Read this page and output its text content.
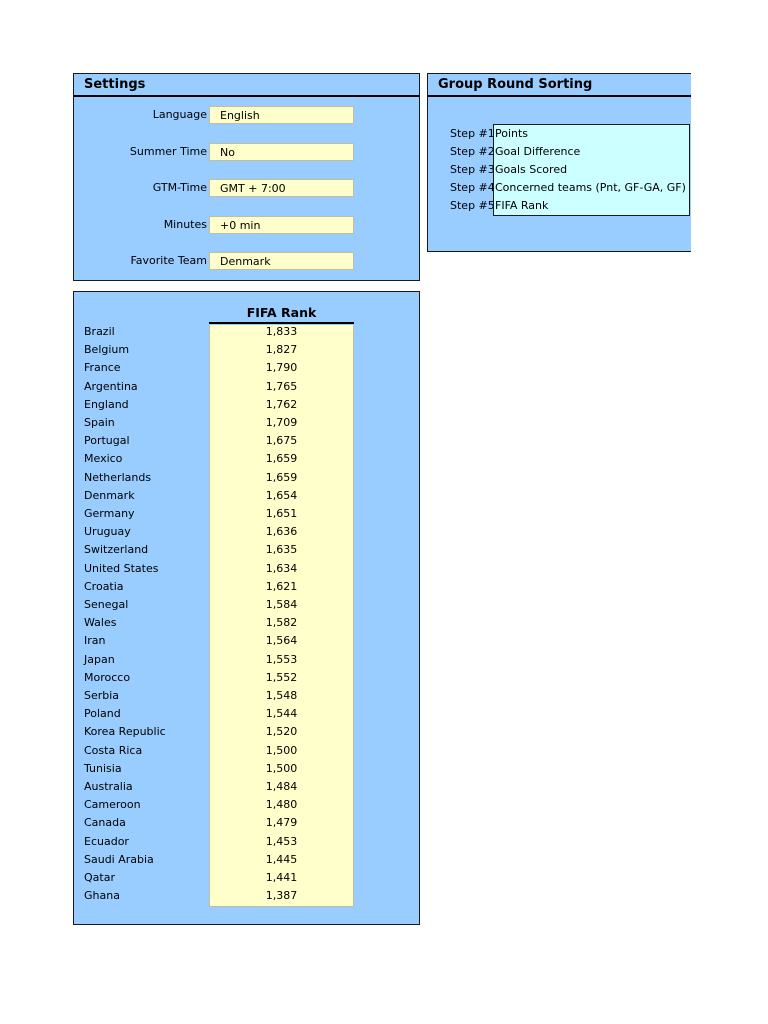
Settings
Language	English
Summer Time	No
GTM-Time	GMT + 7:00
Minutes	+0 min
Favorite Team	Denmark
Group Round Sorting
Step #1 Points
Step #2 Goal Difference
Step #3 Goals Scored
Step #4 Concerned teams (Pnt, GF-GA, GF)
Step #5 FIFA Rank
FIFA Rank
Brazil	1,833
Belgium	1,827
France	1,790
Argentina	1,765
England	1,762
Spain	1,709
Portugal	1,675
Mexico	1,659
Netherlands	1,659
Denmark	1,654
Germany	1,651
Uruguay	1,636
Switzerland	1,635
United States	1,634
Croatia	1,621
Senegal	1,584
Wales	1,582
Iran	1,564
Japan	1,553
Morocco	1,552
Serbia	1,548
Poland	1,544
Korea Republic	1,520
Costa Rica	1,500
Tunisia	1,500
Australia	1,484
Cameroon	1,480
Canada	1,479
Ecuador	1,453
Saudi Arabia	1,445
Qatar	1,441
Ghana	1,387
